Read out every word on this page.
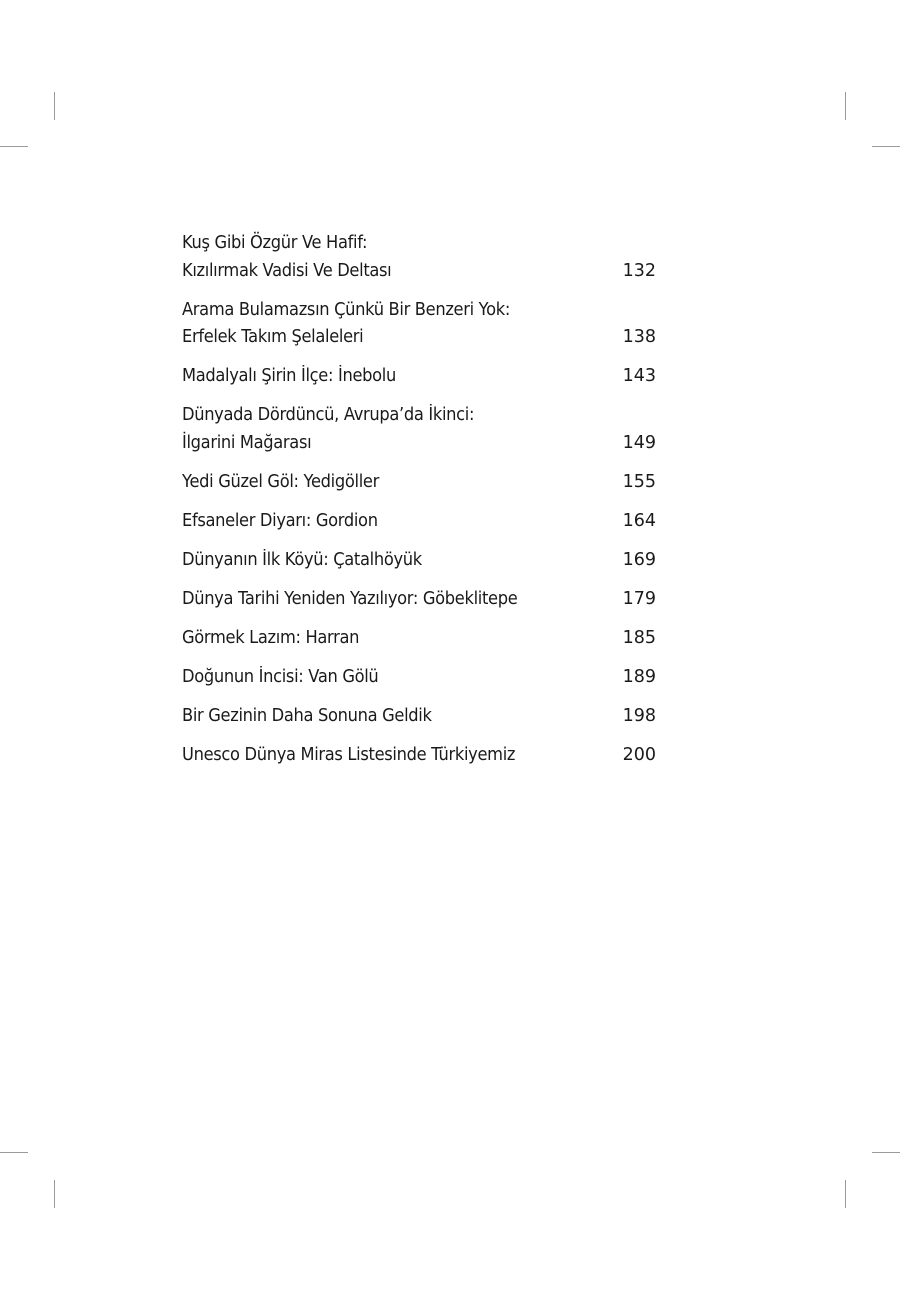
Kuş Gibi Özgür Ve Hafif:
Kızılırmak Vadisi Ve Deltası	132
Arama Bulamazsın Çünkü Bir Benzeri Yok:
Erfelek Takım Şelaleleri	138
Madalyalı Şirin İlçe: İnebolu	143
Dünyada Dördüncü, Avrupa’da İkinci:
İlgarini Mağarası	149
Yedi Güzel Göl: Yedigöller	155
Efsaneler Diyarı: Gordion	164
Dünyanın İlk Köyü: Çatalhöyük	169
Dünya Tarihi Yeniden Yazılıyor: Göbeklitepe	179
Görmek Lazım: Harran	185
Doğunun İncisi: Van Gölü	189
Bir Gezinin Daha Sonuna Geldik	198
Unesco Dünya Miras Listesinde Türkiyemiz	200
